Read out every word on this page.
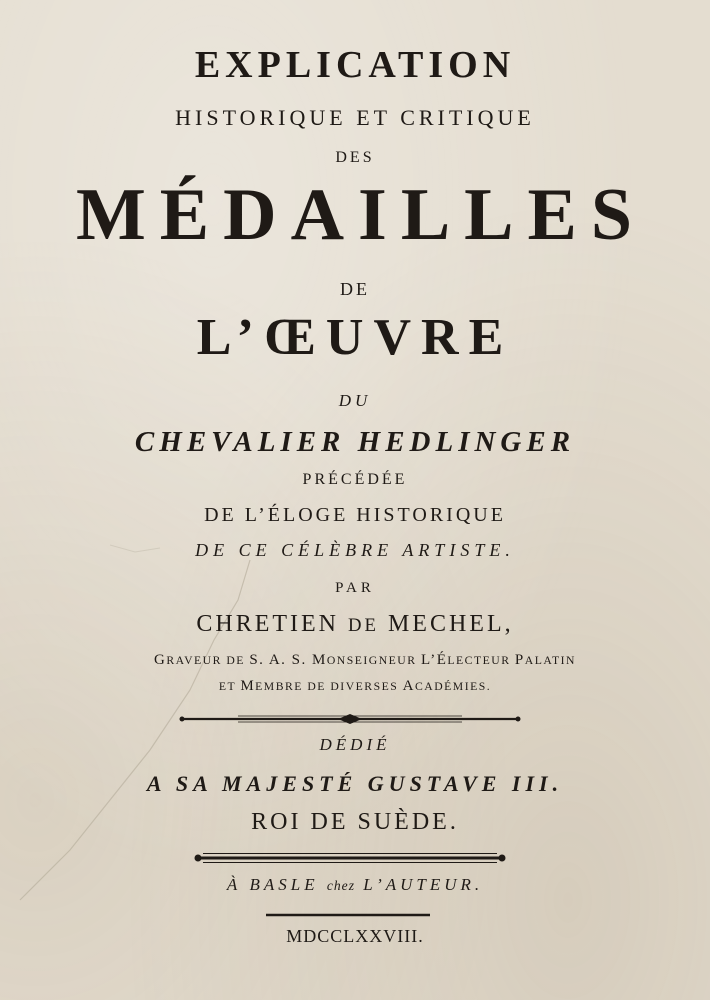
EXPLICATION
HISTORIQUE ET CRITIQUE
DES
MÉDAILLES
DE
L’ŒUVRE
DU
CHEVALIER HEDLINGER
PRÉCÉDÉE
DE L’ÉLOGE HISTORIQUE
DE CE CÉLÈBRE ARTISTE.
PAR
CHRETIEN DE MECHEL,
GRAVEUR DE S. A. S. MONSEIGNEUR L’ÉLECTEUR PALATIN
ET MEMBRE DE DIVERSES ACADÉMIES.
DÉDIÉ
A SA MAJESTÉ GUSTAVE III.
ROI DE SUÈDE.
À BASLE chez L’AUTEUR.
MDCCLXXVIII.
